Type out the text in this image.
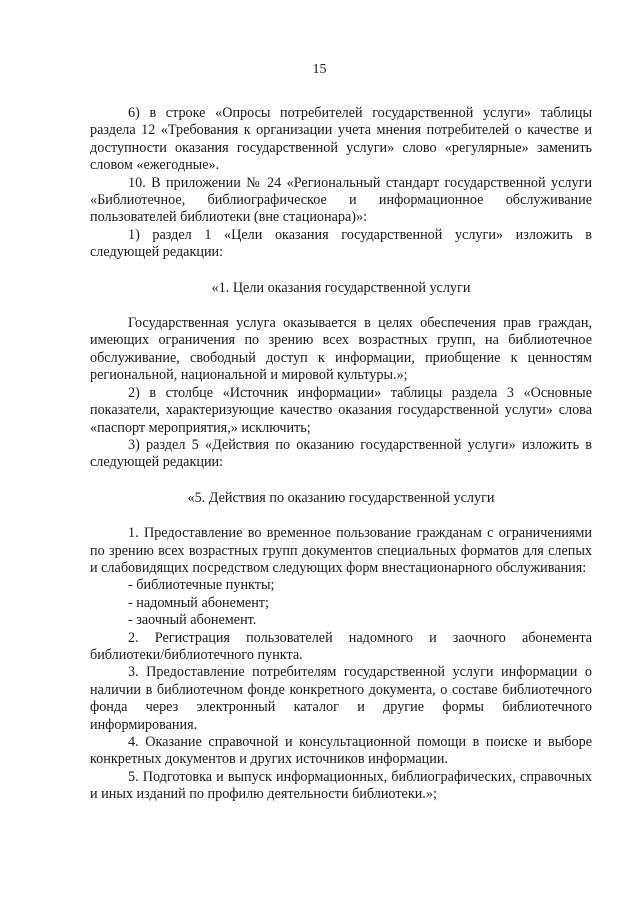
15

6) в строке «Опросы потребителей государственной услуги» таблицы раздела 12 «Требования к организации учета мнения потребителей о качестве и доступности оказания государственной услуги» слово «регулярные» заменить словом «ежегодные».

10. В приложении № 24 «Региональный стандарт государственной услуги «Библиотечное, библиографическое и информационное обслуживание пользователей библиотеки (вне стационара)»:

1) раздел 1 «Цели оказания государственной услуги» изложить в следующей редакции:

«1. Цели оказания государственной услуги

Государственная услуга оказывается в целях обеспечения прав граждан, имеющих ограничения по зрению всех возрастных групп, на библиотечное обслуживание, свободный доступ к информации, приобщение к ценностям региональной, национальной и мировой культуры.»;

2) в столбце «Источник информации» таблицы раздела 3 «Основные показатели, характеризующие качество оказания государственной услуги» слова «паспорт мероприятия,» исключить;

3) раздел 5 «Действия по оказанию государственной услуги» изложить в следующей редакции:

«5. Действия по оказанию государственной услуги

1. Предоставление во временное пользование гражданам с ограничениями по зрению всех возрастных групп документов специальных форматов для слепых и слабовидящих посредством следующих форм внестационарного обслуживания:

- библиотечные пункты;

- надомный абонемент;

- заочный абонемент.

2. Регистрация пользователей надомного и заочного абонемента библиотеки/библиотечного пункта.

3. Предоставление потребителям государственной услуги информации о наличии в библиотечном фонде конкретного документа, о составе библиотечного фонда через электронный каталог и другие формы библиотечного информирования.

4. Оказание справочной и консультационной помощи в поиске и выборе конкретных документов и других источников информации.

5. Подготовка и выпуск информационных, библиографических, справочных и иных изданий по профилю деятельности библиотеки.»;
